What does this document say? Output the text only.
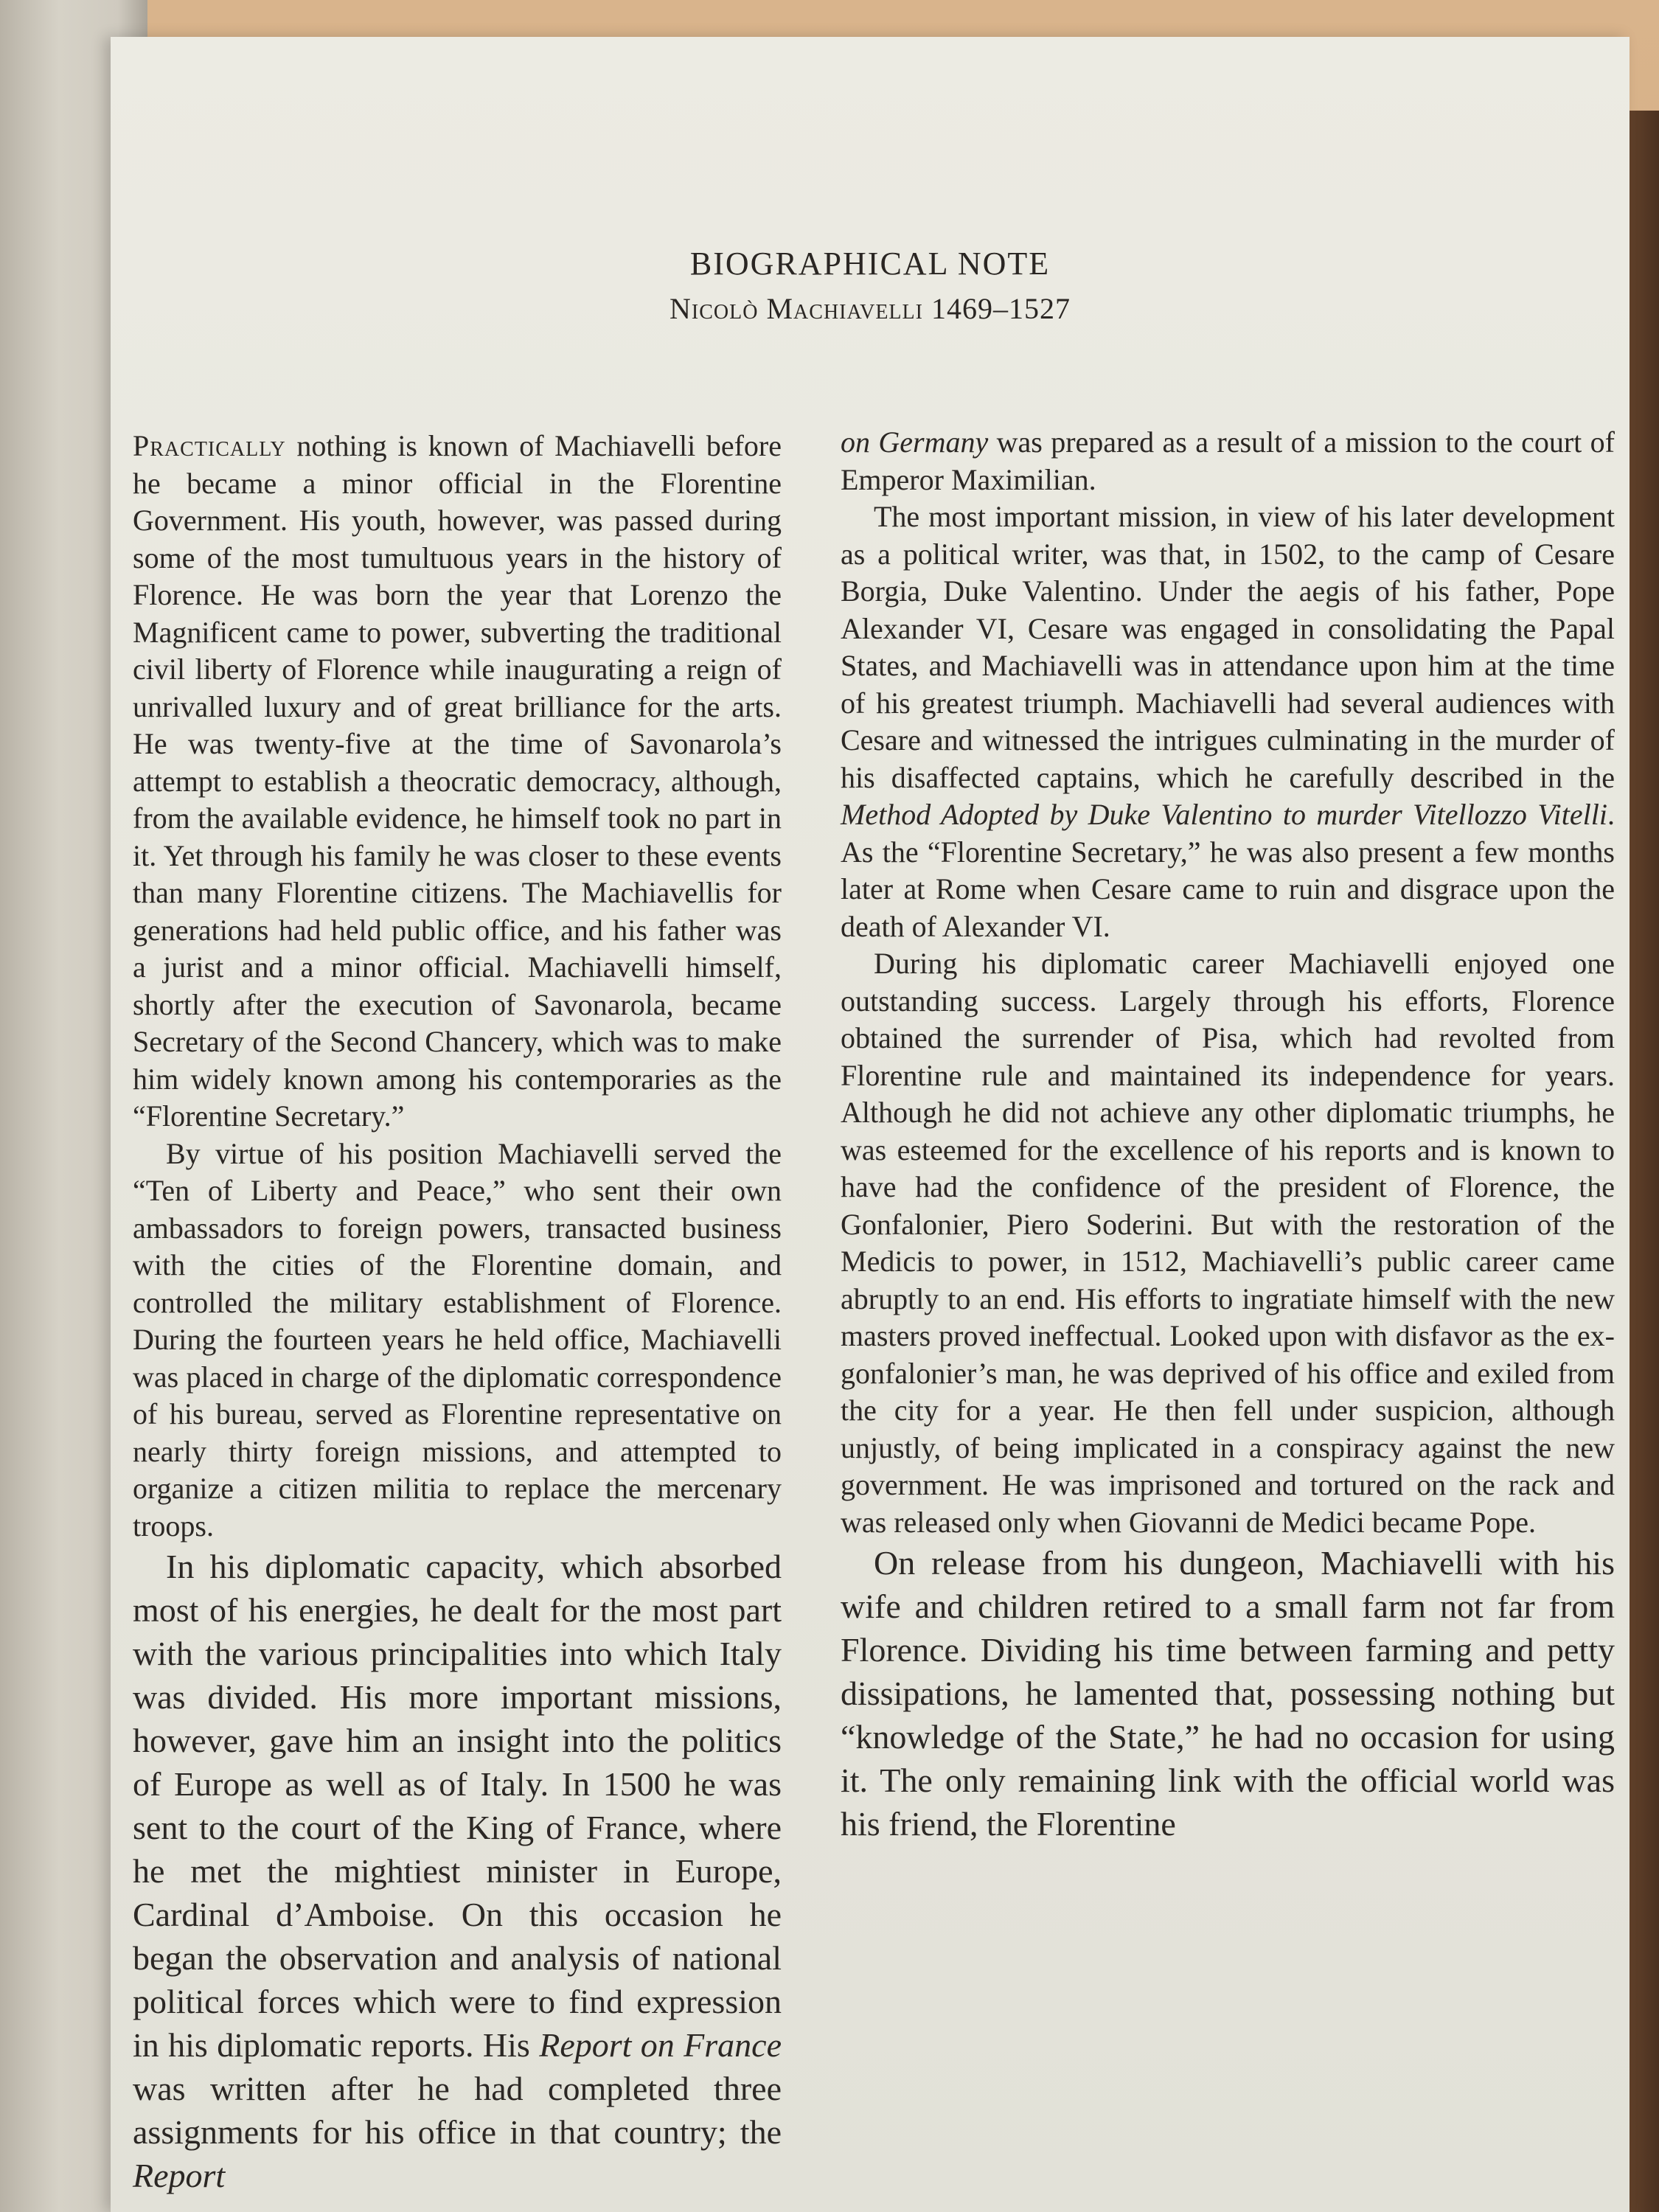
BIOGRAPHICAL NOTE
Nicolò Machiavelli 1469–1527

Practically nothing is known of Machiavelli before he became a minor official in the Florentine Government. His youth, however, was passed during some of the most tumultuous years in the history of Florence. He was born the year that Lorenzo the Magnificent came to power, subverting the traditional civil liberty of Florence while inaugurating a reign of unrivalled luxury and of great brilliance for the arts. He was twenty-five at the time of Savonarola’s attempt to establish a theocratic democracy, although, from the available evidence, he himself took no part in it. Yet through his family he was closer to these events than many Florentine citizens. The Machiavellis for generations had held public office, and his father was a jurist and a minor official. Machiavelli himself, shortly after the execution of Savonarola, became Secretary of the Second Chancery, which was to make him widely known among his contemporaries as the “Florentine Secretary.”

By virtue of his position Machiavelli served the “Ten of Liberty and Peace,” who sent their own ambassadors to foreign powers, transacted business with the cities of the Florentine domain, and controlled the military establishment of Florence. During the fourteen years he held office, Machiavelli was placed in charge of the diplomatic correspondence of his bureau, served as Florentine representative on nearly thirty foreign missions, and attempted to organize a citizen militia to replace the mercenary troops.

In his diplomatic capacity, which absorbed most of his energies, he dealt for the most part with the various principalities into which Italy was divided. His more important missions, however, gave him an insight into the politics of Europe as well as of Italy. In 1500 he was sent to the court of the King of France, where he met the mightiest minister in Europe, Cardinal d’Amboise. On this occasion he began the observation and analysis of national political forces which were to find expression in his diplomatic reports. His Report on France was written after he had completed three assignments for his office in that country; the Report

on Germany was prepared as a result of a mission to the court of Emperor Maximilian.

The most important mission, in view of his later development as a political writer, was that, in 1502, to the camp of Cesare Borgia, Duke Valentino. Under the aegis of his father, Pope Alexander VI, Cesare was engaged in consolidating the Papal States, and Machiavelli was in attendance upon him at the time of his greatest triumph. Machiavelli had several audiences with Cesare and witnessed the intrigues culminating in the murder of his disaffected captains, which he carefully described in the Method Adopted by Duke Valentino to murder Vitellozzo Vitelli. As the “Florentine Secretary,” he was also present a few months later at Rome when Cesare came to ruin and disgrace upon the death of Alexander VI.

During his diplomatic career Machiavelli enjoyed one outstanding success. Largely through his efforts, Florence obtained the surrender of Pisa, which had revolted from Florentine rule and maintained its independence for years. Although he did not achieve any other diplomatic triumphs, he was esteemed for the excellence of his reports and is known to have had the confidence of the president of Florence, the Gonfalonier, Piero Soderini. But with the restoration of the Medicis to power, in 1512, Machiavelli’s public career came abruptly to an end. His efforts to ingratiate himself with the new masters proved ineffectual. Looked upon with disfavor as the ex-gonfalonier’s man, he was deprived of his office and exiled from the city for a year. He then fell under suspicion, although unjustly, of being implicated in a conspiracy against the new government. He was imprisoned and tortured on the rack and was released only when Giovanni de Medici became Pope.

On release from his dungeon, Machiavelli with his wife and children retired to a small farm not far from Florence. Dividing his time between farming and petty dissipations, he lamented that, possessing nothing but “knowledge of the State,” he had no occasion for using it. The only remaining link with the official world was his friend, the Florentine
